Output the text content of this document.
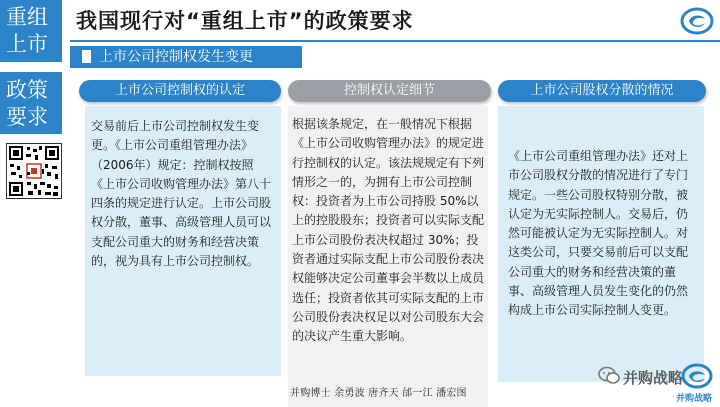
重组
上市
政策
要求
我国现行对“重组上市”的政策要求
上市公司控制权发生变更
上市公司控制权的认定
交易前后上市公司控制权发生变更。《上市公司重组管理办法》（2006年）规定：控制权按照《上市公司收购管理办法》第八十四条的规定进行认定。上市公司股权分散，董事、高级管理人员可以支配公司重大的财务和经营决策的，视为具有上市公司控制权。
控制权认定细节
根据该条规定，在一般情况下根据《上市公司收购管理办法》的规定进行控制权的认定。该法规规定有下列情形之一的，为拥有上市公司控制权：投资者为上市公司持股 50%以上的控股股东；投资者可以实际支配上市公司股份表决权超过 30%；投资者通过实际支配上市公司股份表决权能够决定公司董事会半数以上成员选任；投资者依其可实际支配的上市公司股份表决权足以对公司股东大会的决议产生重大影响。
上市公司股权分散的情况
《上市公司重组管理办法》还对上市公司股权分散的情况进行了专门规定。一些公司股权特别分散，被认定为无实际控制人。交易后，仍然可能被认定为无实际控制人。对这类公司，只要交易前后可以支配公司重大的财务和经营决策的董事、高级管理人员发生变化的仍然构成上市公司实际控制人变更。
并购博士 余勇波 唐齐天 邰一江 潘宏图
并购战略
并购战略
